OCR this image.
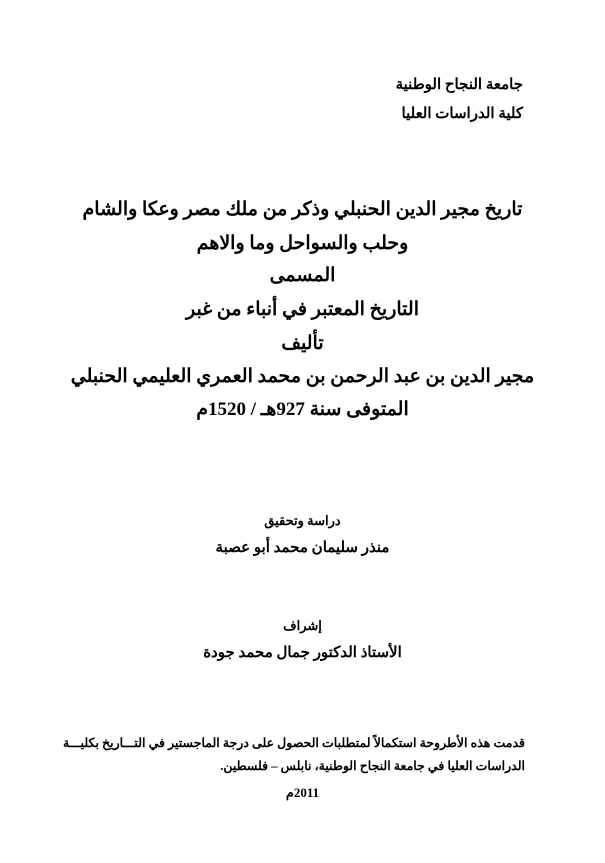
جامعة النجاح الوطنية
كلية الدراسات العليا
تاريخ مجير الدين الحنبلي وذكر من ملك مصر وعكا والشام
وحلب والسواحل وما والاهم
المسمى
التاريخ المعتبر في أنباء من غبر
تأليف
مجير الدين بن عبد الرحمن بن محمد العمري العليمي الحنبلي
المتوفى سنة 927هـ / 1520م
دراسة وتحقيق
منذر سليمان محمد أبو عصبة
إشراف
الأستاذ الدكتور جمال محمد جودة
قدمت هذه الأطروحة استكمالاً لمتطلبات الحصول على درجة الماجستير في التـــاريخ بكليـــة
الدراسات العليا في جامعة النجاح الوطنية، نابلس – فلسطين.
2011م
